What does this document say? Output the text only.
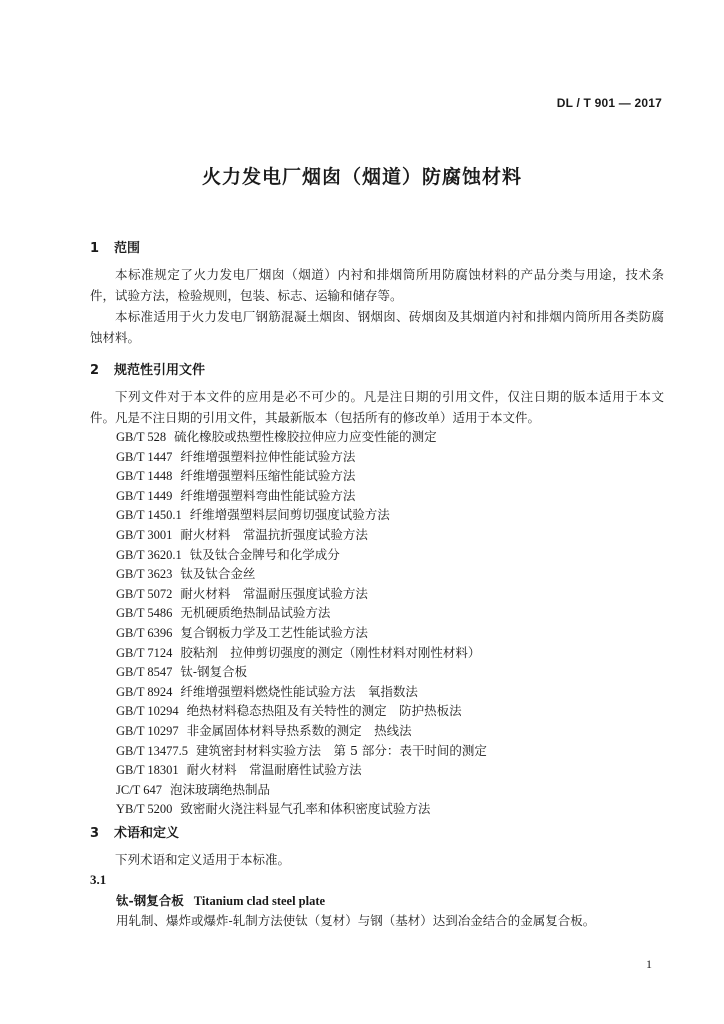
DL / T 901 — 2017
火力发电厂烟囱（烟道）防腐蚀材料
1 范围
本标准规定了火力发电厂烟囱（烟道）内衬和排烟筒所用防腐蚀材料的产品分类与用途，技术条件，试验方法，检验规则，包装、标志、运输和储存等。
本标准适用于火力发电厂钢筋混凝土烟囱、钢烟囱、砖烟囱及其烟道内衬和排烟内筒所用各类防腐蚀材料。
2 规范性引用文件
下列文件对于本文件的应用是必不可少的。凡是注日期的引用文件，仅注日期的版本适用于本文件。凡是不注日期的引用文件，其最新版本（包括所有的修改单）适用于本文件。
GB/T 528 硫化橡胶或热塑性橡胶拉伸应力应变性能的测定
GB/T 1447 纤维增强塑料拉伸性能试验方法
GB/T 1448 纤维增强塑料压缩性能试验方法
GB/T 1449 纤维增强塑料弯曲性能试验方法
GB/T 1450.1 纤维增强塑料层间剪切强度试验方法
GB/T 3001 耐火材料　常温抗折强度试验方法
GB/T 3620.1 钛及钛合金牌号和化学成分
GB/T 3623 钛及钛合金丝
GB/T 5072 耐火材料　常温耐压强度试验方法
GB/T 5486 无机硬质绝热制品试验方法
GB/T 6396 复合钢板力学及工艺性能试验方法
GB/T 7124 胶粘剂　拉伸剪切强度的测定（刚性材料对刚性材料）
GB/T 8547 钛-钢复合板
GB/T 8924 纤维增强塑料燃烧性能试验方法　氧指数法
GB/T 10294 绝热材料稳态热阻及有关特性的测定　防护热板法
GB/T 10297 非金属固体材料导热系数的测定　热线法
GB/T 13477.5 建筑密封材料实验方法　第 5 部分：表干时间的测定
GB/T 18301 耐火材料　常温耐磨性试验方法
JC/T 647 泡沫玻璃绝热制品
YB/T 5200 致密耐火浇注料显气孔率和体积密度试验方法
3 术语和定义
下列术语和定义适用于本标准。
3.1
钛-钢复合板 Titanium clad steel plate
用轧制、爆炸或爆炸-轧制方法使钛（复材）与钢（基材）达到冶金结合的金属复合板。
1
